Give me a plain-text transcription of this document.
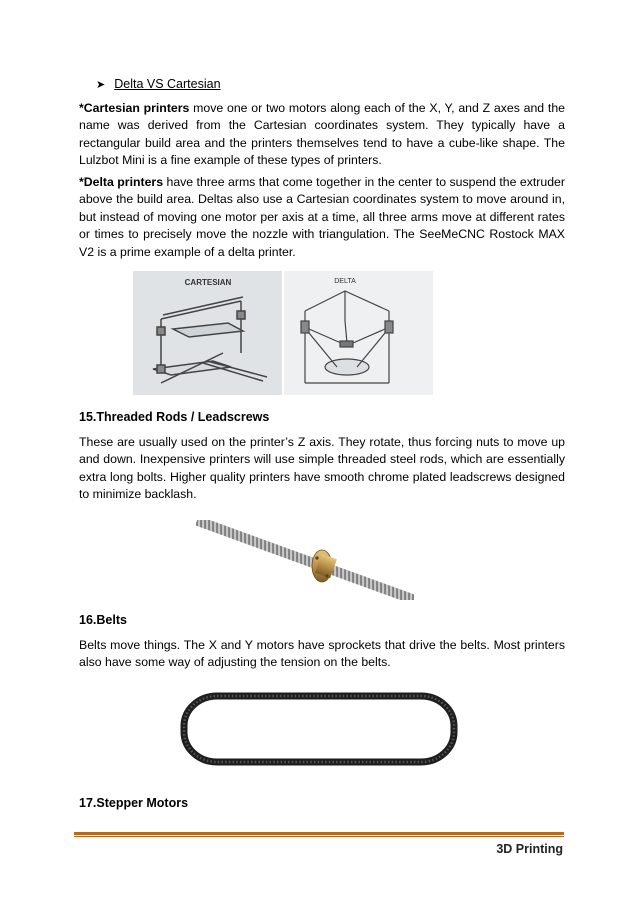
➤ Delta VS Cartesian
*Cartesian printers move one or two motors along each of the X, Y, and Z axes and the name was derived from the Cartesian coordinates system. They typically have a rectangular build area and the printers themselves tend to have a cube-like shape. The Lulzbot Mini is a fine example of these types of printers.
*Delta printers have three arms that come together in the center to suspend the extruder above the build area. Deltas also use a Cartesian coordinates system to move around in, but instead of moving one motor per axis at a time, all three arms move at different rates or times to precisely move the nozzle with triangulation. The SeeMeCNC Rostock MAX V2 is a prime example of a delta printer.
CARTESIAN	DELTA
15.Threaded Rods / Leadscrews
These are usually used on the printer’s Z axis. They rotate, thus forcing nuts to move up and down. Inexpensive printers will use simple threaded steel rods, which are essentially extra long bolts. Higher quality printers have smooth chrome plated leadscrews designed to minimize backlash.
16.Belts
Belts move things. The X and Y motors have sprockets that drive the belts. Most printers also have some way of adjusting the tension on the belts.
17.Stepper Motors
3D Printing
